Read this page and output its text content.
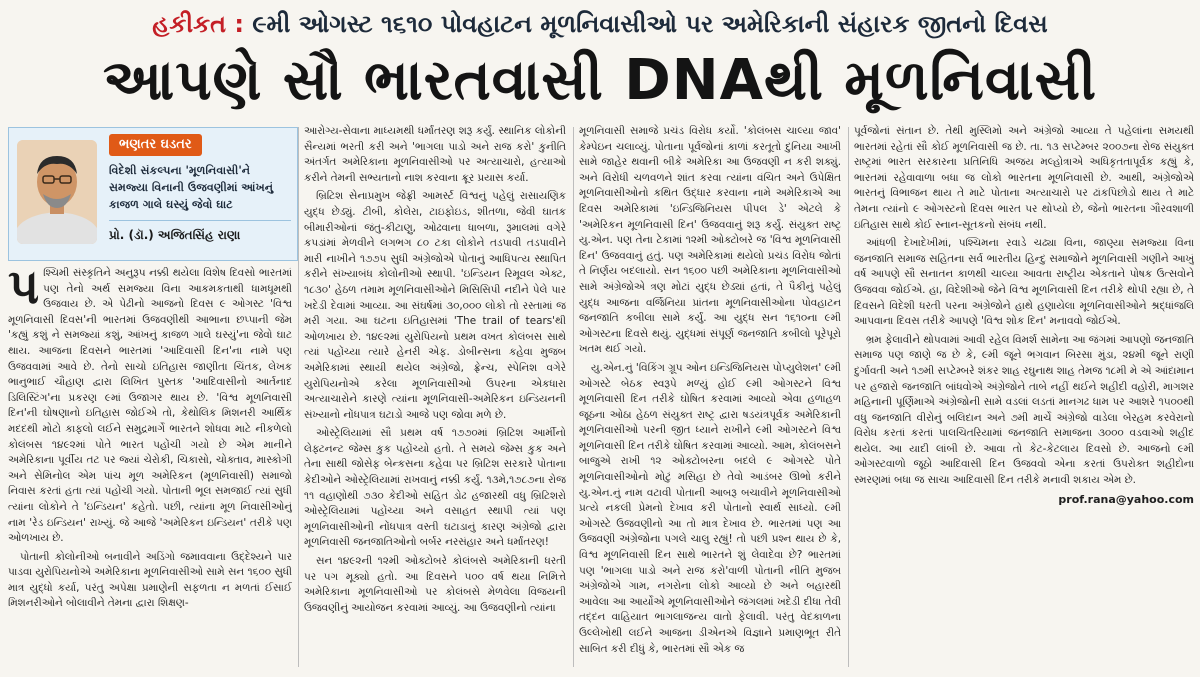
હકીકત : ૯મી ઓગસ્ટ ૧૬૧૦ પોવહાટન મૂળનિવાસીઓ પર અમેરિકાની સંહારક જીતનો દિવસ
આપણે સૌ ભારતવાસી DNAથી મૂળનિવાસી
ભણતર ઘડતર
વિદેશી સંકલ્પના 'મૂળનિવાસી'ને સમજ્યા વિનાની ઉજવણીમાં આંખનું કાજળ ગાલે ઘસ્યું જેવો ઘાટ
પ્રો. (ડૉ.) અજિતસિંહ રાણા

પશ્ચિમી સંસ્કૃતિને અનુરૂપ નક્કી થયેલા વિશેષ દિવસો ભારતમાં પણ તેનો અર્થ સમજ્યા વિના આકમકતાથી ધામધૂમથી ઉજવાય છે. એ પેઢીનો આજનો દિવસ ૯ ઓગસ્ટ 'વિશ્વ મૂળનિવાસી દિવસ'ની ભારતમાં ઉજવણીથી આભાના છપ્પાની જેમ 'કહ્યું કશું ને સમજ્યાં કશું, આંખનું કાજળ ગાલે ઘસ્યું'ના જેવો ઘાટ થાય. આજના દિવસને ભારતમાં 'આદિવાસી દિન'ના નામે પણ ઉજવવામાં આવે છે. તેનો સાચો ઇતિહાસ જાણીતા ચિંતક, લેખક ભાનુભાઈ ચૌહાણ દ્વારા લિખિત પુસ્તક 'આદિવાસીનો આર્તનાદ ડિલિસ્ટિંગ'ના પ્રકરણ ૯માં ઉજાગર થાય છે. 'વિશ્વ મૂળનિવાસી દિન'ની ઘોષણાનો ઇતિહાસ જોઈએ તો, કેથોલિક મિશનરી આર્થિક મદદથી મોટો કાફલો લઈને સમુદ્રમાર્ગે ભારતને શોધવા માટે નીકળેલો કોલંબસ ૧૪૯૨માં પોતે ભારત પહોંચી ગયો છે એમ માનીને અમેરિકાના પૂર્વીય તટ પર જ્યાં ચેરોકી, ચિકાસો, ચોક્તાવ, માસ્કોગી અને સેમિનોલ એમ પાંચ મૂળ અમેરિકન (મૂળનિવાસી) સમાજો નિવાસ કરતાં હતા ત્યાં પહોંચી ગયો. પોતાની ભૂલ સમજાઈ ત્યાં સુધી ત્યાંના લોકોને તે 'ઇન્ડિયન' કહેતો. પછી, ત્યાંના મૂળ નિવાસીઓનું નામ 'રેડ ઇન્ડિયન' રાખ્યું. જે આજે 'અમેરિકન ઇન્ડિયન' તરીકે પણ ઓળખાય છે.

પોતાની કોલોનીઓ બનાવીને અડિંગો જમાવવાના ઉદ્દેશ્યને પાર પાડવા યુરોપિયનોએ અમેરિકાના મૂળનિવાસીઓ સામે સન ૧૬૦૦ સુધી માત્ર યુદ્ધો કર્યા, પરંતુ અપેક્ષા પ્રમાણેની સફળતા ન મળતાં ઈસાઈ મિશનરીઓને બોલાવીને તેમના દ્વારા શિક્ષણ-

આરોગ્ય-સેવાના માધ્યમથી ધર્માંતરણ શરૂ કર્યું. સ્થાનિક લોકોની સૈન્યમાં ભરતી કરી અને 'ભાગલા પાડો અને રાજ કરો' કુનીતિ અંતર્ગત અમેરિકાના મૂળનિવાસીઓ પર અત્યાચારો, હત્યાઓ કરીને તેમની સભ્યતાનો નાશ કરવાના ક્રૂર પ્રયાસ કર્યા.

બ્રિટિશ સેનાપ્રમુખ જેફ્રી આમર્સ્ટ વિશ્વનું પહેલું રાસાયણિક યુદ્ધ છેડ્યું. ટીબી, કોલેરા, ટાઇફોઇડ, શીતળા, જેવી ઘાતક બીમારીઓનાં જંતુ-કીટાણુ, ઓઢવાના ધાબળા, રૂમાલમાં વગેરે કપડાંમાં મેળવીને લગભગ ૮૦ ટકા લોકોને તડપાવી તડપાવીને મારી નાખીને ૧૭૭૫ સુધી અંગ્રેજોએ પોતાનું આધિપત્ય સ્થાપિત કરીને સંખ્યાબંધ કોલોનીઓ સ્થાપી. 'ઇન્ડિયન રિમૂવલ એક્ટ, ૧૮૩૦' હેઠળ તમામ મૂળનિવાસીઓને મિસિસિપી નદીને પેલે પાર ખદેડી દેવામાં આવ્યા. આ સંઘર્ષમાં ૩૦,૦૦૦ લોકો તો રસ્તામાં જ મરી ગયા. આ ઘટના ઇતિહાસમાં 'The trail of tears'થી ઓળખાય છે. ૧૪૯૨માં યુરોપિયનો પ્રથમ વખત કોલંબસ સાથે ત્યાં પહોંચ્યા ત્યારે હેનરી એફ. ડોબીન્સના કહેવા મુજબ અમેરિકામાં સ્થાયી થયેલ અંગ્રેજો, ફ્રેન્ચ, સ્પેનિશ વગેરે યુરોપિયનોએ કરેલા મૂળનિવાસીઓ ઉપરના એકધારા અત્યાચારોને કારણે ત્યાંના મૂળનિવાસી-અમેરિકન ઇન્ડિયનની સંખ્યાનો નોંધપાત્ર ઘટાડો આજે પણ જોવા મળે છે.

ઓસ્ટ્રેલિયામાં સૌ પ્રથમ વર્ષ ૧૭૭૦માં બ્રિટિશ આર્મીનો લેફ્ટનન્ટ જેમ્સ કુક પહોંચ્યો હતો. તે સમયે જેમ્સ કુક અને તેના સાથી જોસેફ બેન્કસના કહેવા પર બ્રિટિશ સરકારે પોતાના કેદીઓને ઓસ્ટ્રેલિયામાં રાખવાનું નક્કી કર્યું. ૧૩મે,૧૭૮૭ના રોજ ૧૧ વહાણોથી ૭૩૦ કેદીઓ સહિત ડોઢ હજારથી વધુ બ્રિટિશરો ઓસ્ટ્રેલિયામાં પહોંચ્યા અને વસાહત સ્થાપી ત્યાં પણ મૂળનિવાસીઓની નોંધપાત્ર વસ્તી ઘટાડાનું કારણ અંગ્રેજો દ્વારા મૂળનિવાસી જનજાતિઓનો બર્બર નરસંહાર અને ધર્માંતરણ!

સન ૧૪૯૨ની ૧૨મી ઓક્ટોબરે કોલંબસે અમેરિકાની ધરતી પર પગ મૂક્યો હતો. આ દિવસને ૫૦૦ વર્ષ થયા નિમિત્તે અમેરિકાના મૂળનિવાસીઓ પર કોલંબસે મેળવેલા વિજયની ઉજવણીનું આયોજન કરવામાં આવ્યું. આ ઉજવણીનો ત્યાંના

મૂળનિવાસી સમાજે પ્રચંડ વિરોધ કર્યો. 'કોલંબસ ચાલ્યા જાવ' કેમ્પેઇન ચલાવ્યું. પોતાના પૂર્વજોનાં કાળાં કરતૂતો દુનિયા આખી સામે જાહેર થવાની બીકે અમેરિકા આ ઉજવણી ન કરી શક્યું. અને વિરોધી ચળવળને શાંત કરવા ત્યાંના વંચિત અને ઉપેક્ષિત મૂળનિવાસીઓનો કથિત ઉદ્ધાર કરવાના નામે અમેરિકાએ આ દિવસ અમેરિકામાં 'ઇન્ડિજિનિયસ પીપલ ડે' એટલે કે 'અમેરિકન મૂળનિવાસી દિન' ઉજવવાનું શરૂ કર્યું. સંયુક્ત રાષ્ટ્ર યુ.એન. પણ તેના ટેકામાં ૧૨મી ઓક્ટોબરે જ 'વિશ્વ મૂળનિવાસી દિન' ઉજવવાનું હતું. પણ અમેરિકામાં થયેલો પ્રચંડ વિરોધ જોતાં તે નિર્ણય બદલાયો. સન ૧૬૦૦ પછી અમેરિકાના મૂળનિવાસીઓ સામે અંગ્રેજોએ ત્રણ મોટાં યુદ્ધ છેડ્યાં હતાં, તે પૈકીનું પહેલું યુદ્ધ આજના વર્જિનિયા પ્રાંતના મૂળનિવાસીઓના પોવહાટન જનજાતિ કબીલા સામે કર્યું. આ યુદ્ધ સન ૧૬૧૦ના ૯મી ઓગસ્ટના દિવસે થયું. યુદ્ધમાં સંપૂર્ણ જનજાતિ કબીલો પૂરેપૂરો ખતમ થઈ ગયો.

યુ.એન.નું 'વિકિંગ ગ્રૂપ ઓન ઇન્ડિજિનિયસ પોપ્યુલેશન' ૯મી ઓગસ્ટે બેઠક સ્વરૂપે મળ્યું હોઈ ૯મી ઓગસ્ટને વિશ્વ મૂળનિવાસી દિન તરીકે ઘોષિત કરવામાં આવ્યો એવા હળાહળ જૂઠના ઓઠા હેઠળ સંયુક્ત રાષ્ટ્ર દ્વારા ષડયંત્રપૂર્વક અમેરિકાની મૂળનિવાસીઓ પરની જીત ધ્યાને રાખીને ૯મી ઓગસ્ટને વિશ્વ મૂળનિવાસી દિન તરીકે ઘોષિત કરવામાં આવ્યો. આમ, કોલંબસને બાજુએ રાખી ૧૨ ઓક્ટોબરના બદલે ૯ ઓગસ્ટે પોતે મૂળનિવાસીઓનો મોટું મસિહા છે તેવો આડંબર ઊભો કરીને યુ.એન.નું નામ વટાવી પોતાની આબરૂ બચાવીને મૂળનિવાસીઓ પ્રત્યે નકલી પ્રેમનો દેખાવ કરી પોતાનો સ્વાર્થ સાધ્યો. ૯મી ઓગસ્ટે ઉજવણીનો આ તો માત્ર દેખાવ છે. ભારતમાં પણ આ ઉજવણી અંગ્રેજોના પગલે ચાલુ રહ્યું! તો પછી પ્રશ્ન થાય છે કે, વિશ્વ મૂળનિવાસી દિન સાથે ભારતને શું લેવાદેવા છે? ભારતમાં પણ 'ભાગલા પાડો અને રાજ કરો'વાળી પોતાની નીતિ મુજબ અંગ્રેજોએ ગામ, નગરોના લોકો આવ્યો છે અને બહારથી આવેલા આ આર્યોએ મૂળનિવાસીઓને જંગલમાં ખદેડી દીધા તેવી તદ્દન વાહિયાત ભાગલાજન્ય વાતો ફેલાવી. પરંતુ વેદકાળના ઉલ્લેખોથી લઈને આજના ડીએનએ વિજ્ઞાને પ્રમાણભૂત રીતે સાબિત કરી દીધું કે, ભારતમાં સૌ એક જ

પૂર્વજોનાં સંતાન છે. તેથી મુસ્લિમો અને અંગ્રેજો આવ્યા તે પહેલાંના સમયથી ભારતમાં રહેતાં સૌ કોઈ મૂળનિવાસી જ છે. તા. ૧૩ સપ્ટેમ્બર ૨૦૦૭ના રોજ સંયુક્ત રાષ્ટ્રમાં ભારત સરકારના પ્રતિનિધિ અજય મલ્હોત્રાએ અધિકૃતતાપૂર્વક કહ્યું કે, ભારતમાં રહેવાવાળા બધા જ લોકો ભારતના મૂળનિવાસી છે. આથી, અંગ્રેજોએ ભારતનું વિભાજન થાય તે માટે પોતાના અત્યાચારો પર ઢાંકપિછોડો થાય તે માટે તેમના ત્યાંનો ૯ ઓગસ્ટનો દિવસ ભારત પર થોપ્યો છે, જેનો ભારતના ગૌરવશાળી ઇતિહાસ સાથે કોઈ સ્નાન-સૂતકનો સંબંધ નથી.

આંધળી દેખાદેખીમાં, પશ્ચિમના રવાડે ચઢ્યા વિના, જાણ્યા સમજ્યા વિના જનજાતિ સમાજ સહિતના સર્વ ભારતીય હિન્દુ સમાજોને મૂળનિવાસી ગણીને આખું વર્ષ આપણે સૌ સનાતન કાળથી ચાલ્યા આવતા રાષ્ટ્રીય એકતાને પોષક ઉત્સવોને ઉજવવા જોઈએ. હા, વિદેશીઓ જેને વિશ્વ મૂળનિવાસી દિન તરીકે થોપી રહ્યા છે, તે દિવસને વિદેશી ધરતી પરના અંગ્રેજોને હાથે હણાયેલા મૂળનિવાસીઓને શ્રદ્ધાંજલિ આપવાના દિવસ તરીકે આપણે 'વિશ્વ શોક દિન' મનાવવો જોઈએ.

ભ્રમ ફેલાવીને થોપવામાં આવી રહેલ વિમર્શ સામેના આ જંગમાં આપણો જનજાતિ સમાજ પણ જાણે જ છે કે, ૯મી જૂને ભગવાન બિરસા મુંડા, ૨૪મી જૂને રાણી દુર્ગાવતી અને ૧૭મી સપ્ટેમ્બરે શંકર શાહ રઘુનાથ શાહ તેમજ ૧૮મી મે એ આંદામાન પર હજારો જનજાતિ બાંધવોએ અંગ્રેજોને તાબે નહીં થઈને શહીદી વહોરી, માગશર મહિનાની પૂર્ણિમાએ અંગ્રેજોની સામે વડલાં લડતાં માનગઢ ધામ પર આશરે ૧૫૦૦થી વધુ જનજાતિ વીરોનું બલિદાન અને ૭મી માર્ચે અંગ્રેજો વાડેલા બેરહમ કરવેરાનો વિરોધ કરતાં કરતાં પાલચિતરિયામાં જનજાતિ સમાજના ૩૦૦૦ વડવાઓ શહીદ થયેલ. આ યાદી લાંબી છે. આવા તો કેટ-કેટલાય દિવસો છે. આજનો ૯મી ઓગસ્ટવાળો જૂઠો આદિવાસી દિન ઉજવવો એના કરતાં ઉપરોક્ત શહીદોના સ્મરણમાં બધા જ સાચા આદિવાસી દિન તરીકે મનાવી શકાય એમ છે.

prof.rana@yahoo.com
